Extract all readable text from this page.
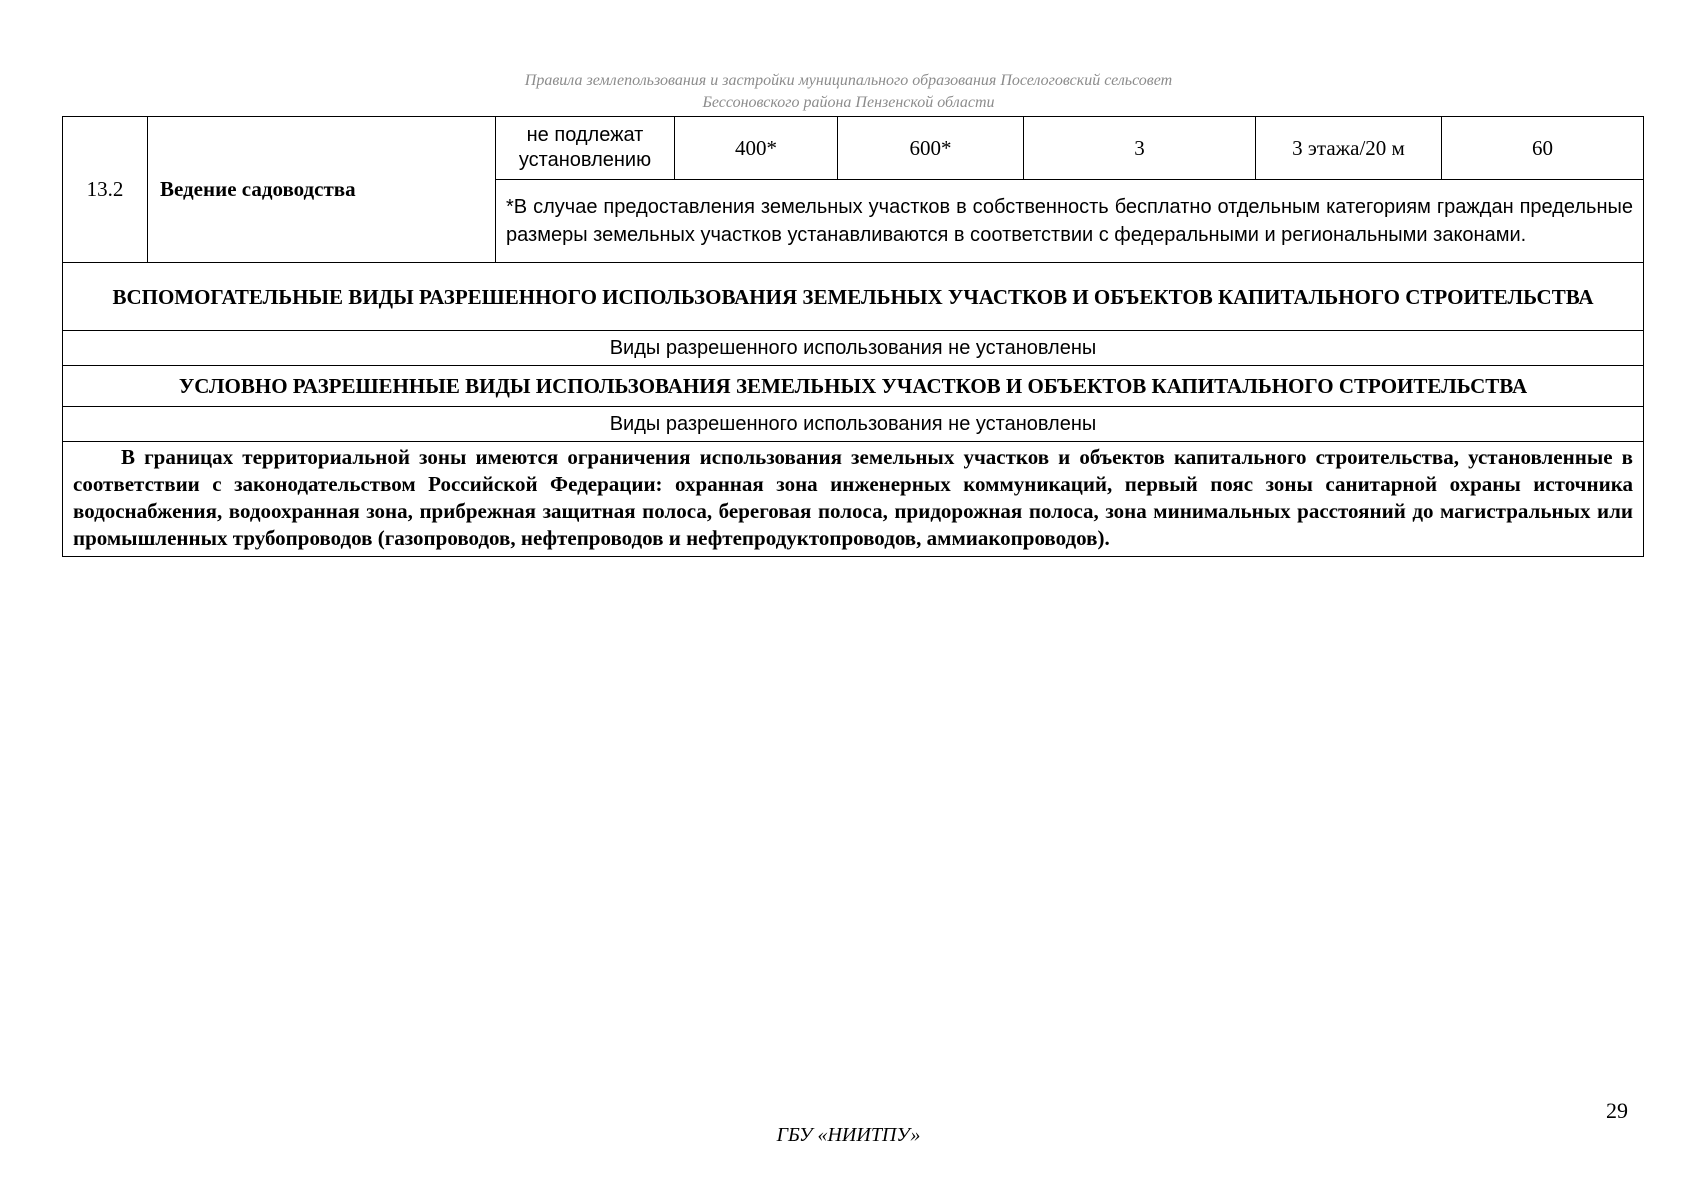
Правила землепользования и застройки муниципального образования Поселоговский сельсовет
Бессоновского района Пензенской области
13.2	Ведение садоводства	не подлежат установлению	400*	600*	3	3 этажа/20 м	60
*В случае предоставления земельных участков в собственность бесплатно отдельным категориям граждан предельные размеры земельных участков устанавливаются в соответствии с федеральными и региональными законами.
ВСПОМОГАТЕЛЬНЫЕ ВИДЫ РАЗРЕШЕННОГО ИСПОЛЬЗОВАНИЯ ЗЕМЕЛЬНЫХ УЧАСТКОВ И ОБЪЕКТОВ КАПИТАЛЬНОГО СТРОИТЕЛЬСТВА
Виды разрешенного использования не установлены
УСЛОВНО РАЗРЕШЕННЫЕ ВИДЫ ИСПОЛЬЗОВАНИЯ ЗЕМЕЛЬНЫХ УЧАСТКОВ И ОБЪЕКТОВ КАПИТАЛЬНОГО СТРОИТЕЛЬСТВА
Виды разрешенного использования не установлены

В границах территориальной зоны имеются ограничения использования земельных участков и объектов капитального строительства, установленные в соответствии с законодательством Российской Федерации: охранная зона инженерных коммуникаций, первый пояс зоны санитарной охраны источника водоснабжения, водоохранная зона, прибрежная защитная полоса, береговая полоса, придорожная полоса, зона минимальных расстояний до магистральных или промышленных трубопроводов (газопроводов, нефтепроводов и нефтепродуктопроводов, аммиакопроводов).
29
ГБУ «НИИТПУ»
